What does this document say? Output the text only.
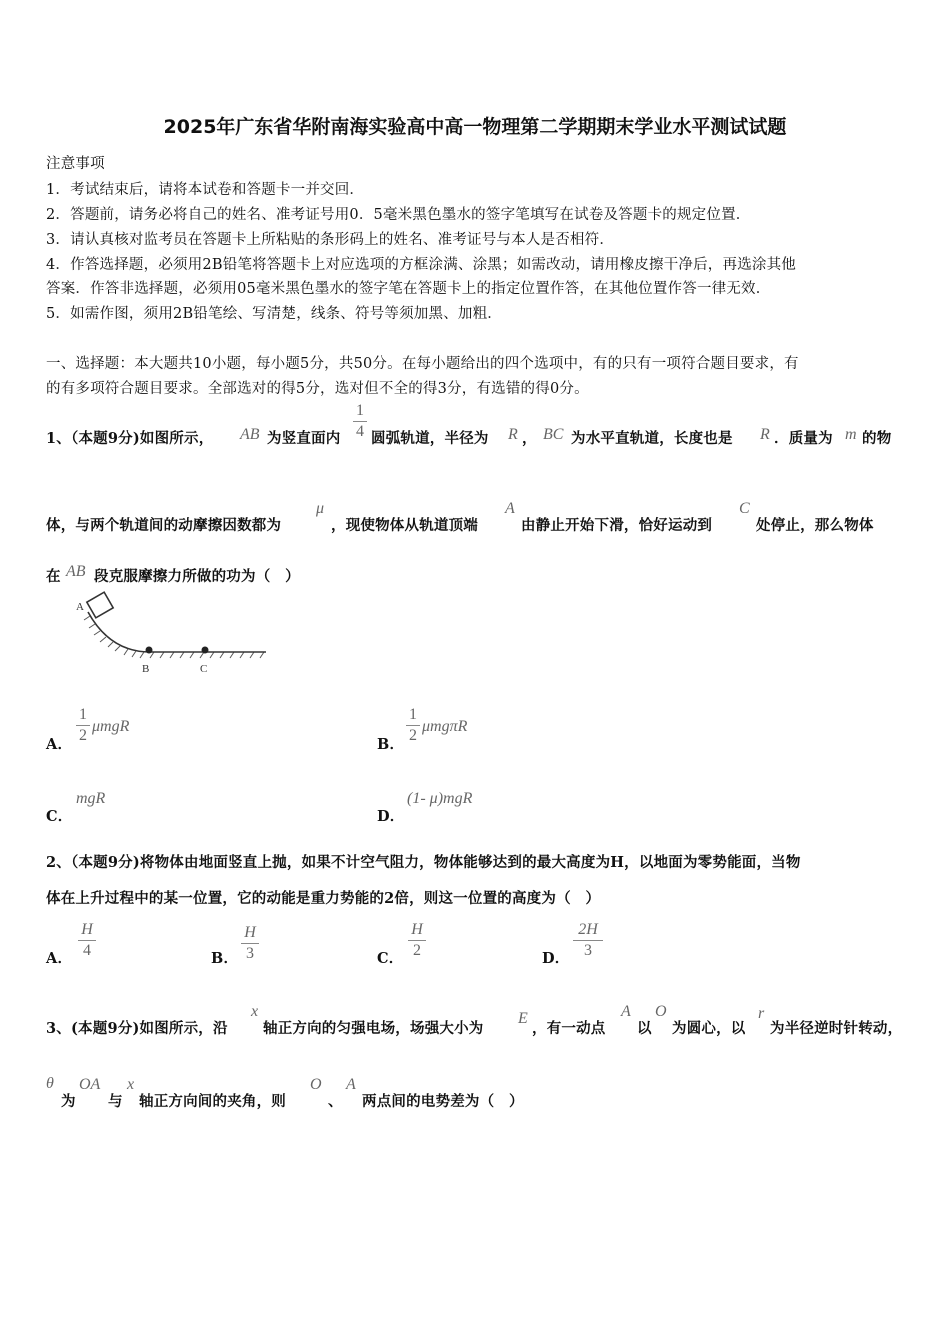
2025年广东省华附南海实验高中高一物理第二学期期末学业水平测试试题
注意事项
1．考试结束后，请将本试卷和答题卡一并交回．
2．答题前，请务必将自己的姓名、准考证号用0．5毫米黑色墨水的签字笔填写在试卷及答题卡的规定位置．
3．请认真核对监考员在答题卡上所粘贴的条形码上的姓名、准考证号与本人是否相符．
4．作答选择题，必须用2B铅笔将答题卡上对应选项的方框涂满、涂黑；如需改动，请用橡皮擦干净后，再选涂其他
答案．作答非选择题，必须用05毫米黑色墨水的签字笔在答题卡上的指定位置作答，在其他位置作答一律无效．
5．如需作图，须用2B铅笔绘、写清楚，线条、符号等须加黑、加粗．
一、选择题：本大题共10小题，每小题5分，共50分。在每小题给出的四个选项中，有的只有一项符合题目要求，有
的有多项符合题目要求。全部选对的得5分，选对但不全的得3分，有选错的得0分。
1、（本题9分)如图所示， AB 为竖直面内
1
4 圆弧轨道，半径为 R ， BC 为水平直轨道，长度也是 R ．质量为 m 的物
体，与两个轨道间的动摩擦因数都为
μ
，现使物体从轨道顶端
A
由静止开始下滑，恰好运动到
C
处停止，那么物体
在 AB 段克服摩擦力所做的功为（　）
A
B	C
A．
1
2
μmgR
B．
1
2
μmgπR
C．
mgR
D．
(1- μ)mgR
2、（本题9分)将物体由地面竖直上抛，如果不计空气阻力，物体能够达到的最大高度为H，以地面为零势能面，当物
体在上升过程中的某一位置，它的动能是重力势能的2倍，则这一位置的高度为（　）
A．
H
4	B．
H
3	C．
H
2	D．
2H
3
3、(本题9分)如图所示，沿
x
轴正方向的匀强电场，场强大小为
E
，有一动点
A
以
O
为圆心，以
r
为半径逆时针转动，
θ
为
OA
与
x
轴正方向间的夹角，则
O
、
A
两点间的电势差为（　）
